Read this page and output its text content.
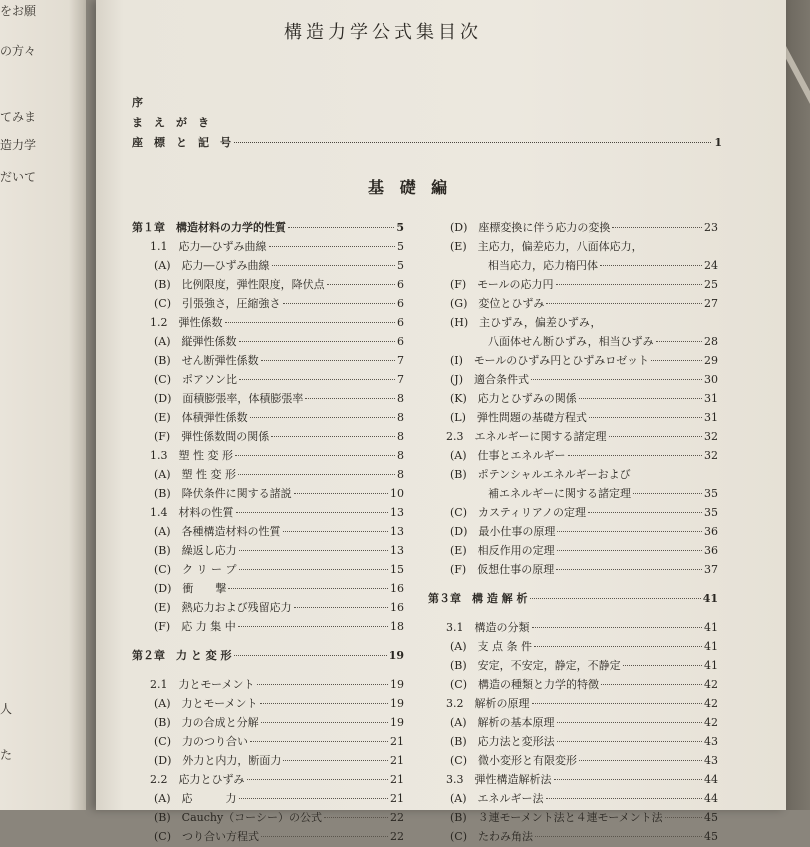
をお願
の方々
てみま
造力学
だいて
人
た
構造力学公式集目次
序
ま　え　が　き
座　標　と　記　号	1
基 礎 編
第１章　構造材料の力学的性質	5
1.1　応力―ひずみ曲線	5
(A)　応力―ひずみ曲線	5
(B)　比例限度，弾性限度，降伏点	6
(C)　引張強さ，圧縮強さ	6
1.2　弾性係数	6
(A)　縦弾性係数	6
(B)　せん断弾性係数	7
(C)　ポアソン比	7
(D)　面積膨張率，体積膨張率	8
(E)　体積弾性係数	8
(F)　弾性係数間の関係	8
1.3　塑 性 変 形	8
(A)　塑 性 変 形	8
(B)　降伏条件に関する諸説	10
1.4　材料の性質	13
(A)　各種構造材料の性質	13
(B)　繰返し応力	13
(C)　ク リ ー プ	15
(D)　衝　　撃	16
(E)　熱応力および残留応力	16
(F)　応 力 集 中	18
第２章　力 と 変 形	19
2.1　力とモーメント	19
(A)　力とモーメント	19
(B)　力の合成と分解	19
(C)　力のつり合い	21
(D)　外力と内力，断面力	21
2.2　応力とひずみ	21
(A)　応　　　力	21
(B)　Cauchy（コーシー）の公式	22
(C)　つり合い方程式	22
(D)　座標変換に伴う応力の変換	23
(E)　主応力，偏差応力，八面体応力，
相当応力，応力楕円体	24
(F)　モールの応力円	25
(G)　変位とひずみ	27
(H)　主ひずみ，偏差ひずみ，
八面体せん断ひずみ，相当ひずみ	28
(I)　モールのひずみ円とひずみロゼット	29
(J)　適合条件式	30
(K)　応力とひずみの関係	31
(L)　弾性問題の基礎方程式	31
2.3　エネルギーに関する諸定理	32
(A)　仕事とエネルギー	32
(B)　ポテンシャルエネルギーおよび
補エネルギーに関する諸定理	35
(C)　カスティリアノの定理	35
(D)　最小仕事の原理	36
(E)　相反作用の定理	36
(F)　仮想仕事の原理	37
第３章　構 造 解 析	41
3.1　構造の分類	41
(A)　支 点 条 件	41
(B)　安定，不安定，静定，不静定	41
(C)　構造の種類と力学的特徴	42
3.2　解析の原理	42
(A)　解析の基本原理	42
(B)　応力法と変形法	43
(C)　微小変形と有限変形	43
3.3　弾性構造解析法	44
(A)　エネルギー法	44
(B)　３連モーメント法と４連モーメント法	45
(C)　たわみ角法	45
